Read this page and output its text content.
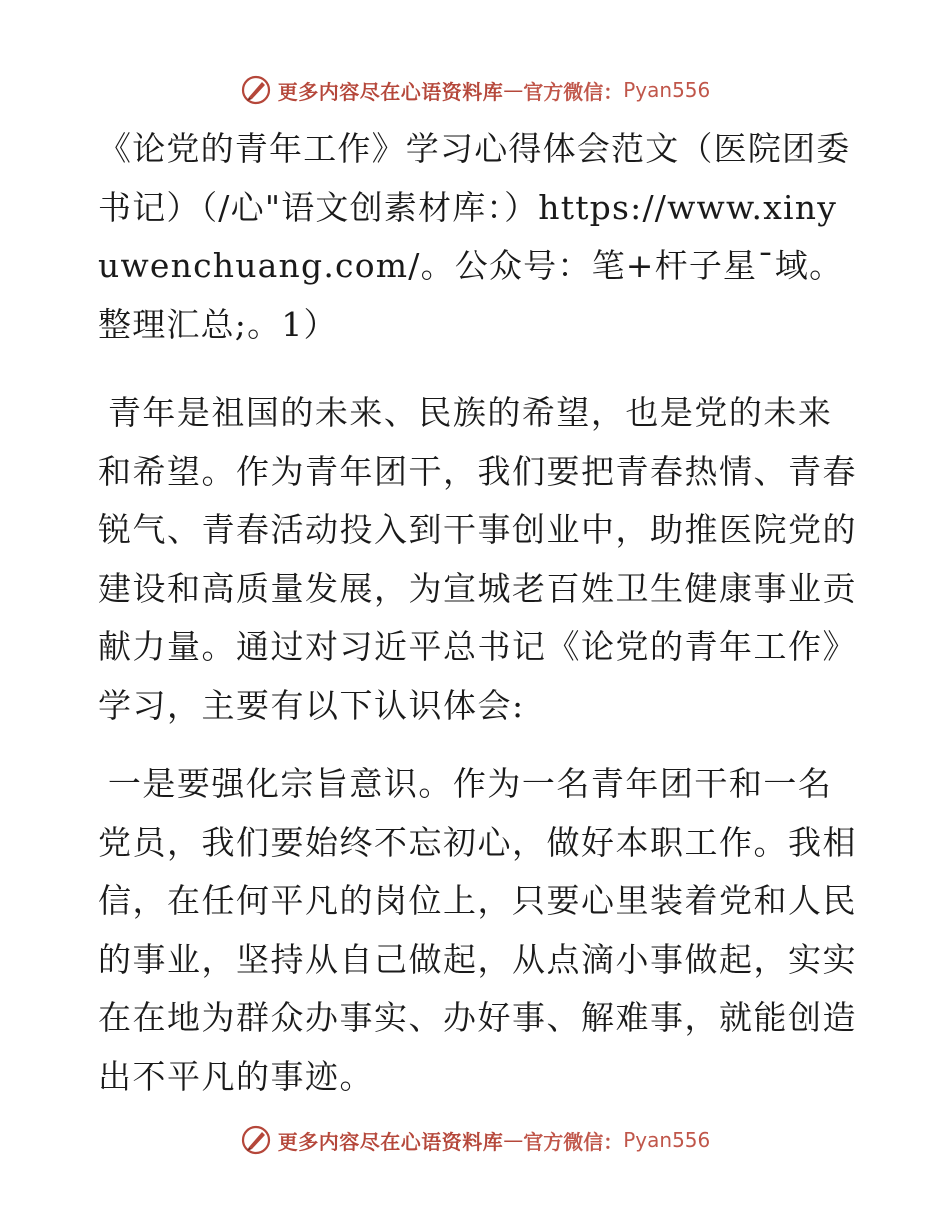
更多内容尽在心语资料库 — 官方微信： Pyan556

《论党的青年工作》学习心得体会范文（医院团委书记）（/心"语文创素材库：）https://www.xinyuwenchuang.com/。公众号：笔+杆子星¯域。整理汇总;。1）

青年是祖国的未来、民族的希望，也是党的未来和希望。作为青年团干，我们要把青春热情、青春锐气、青春活动投入到干事创业中，助推医院党的建设和高质量发展，为宣城老百姓卫生健康事业贡献力量。通过对习近平总书记《论党的青年工作》学习，主要有以下认识体会:

一是要强化宗旨意识。作为一名青年团干和一名党员，我们要始终不忘初心，做好本职工作。我相信，在任何平凡的岗位上，只要心里装着党和人民的事业，坚持从自己做起，从点滴小事做起，实实在在地为群众办事实、办好事、解难事，就能创造出不平凡的事迹。

更多内容尽在心语资料库 — 官方微信： Pyan556
